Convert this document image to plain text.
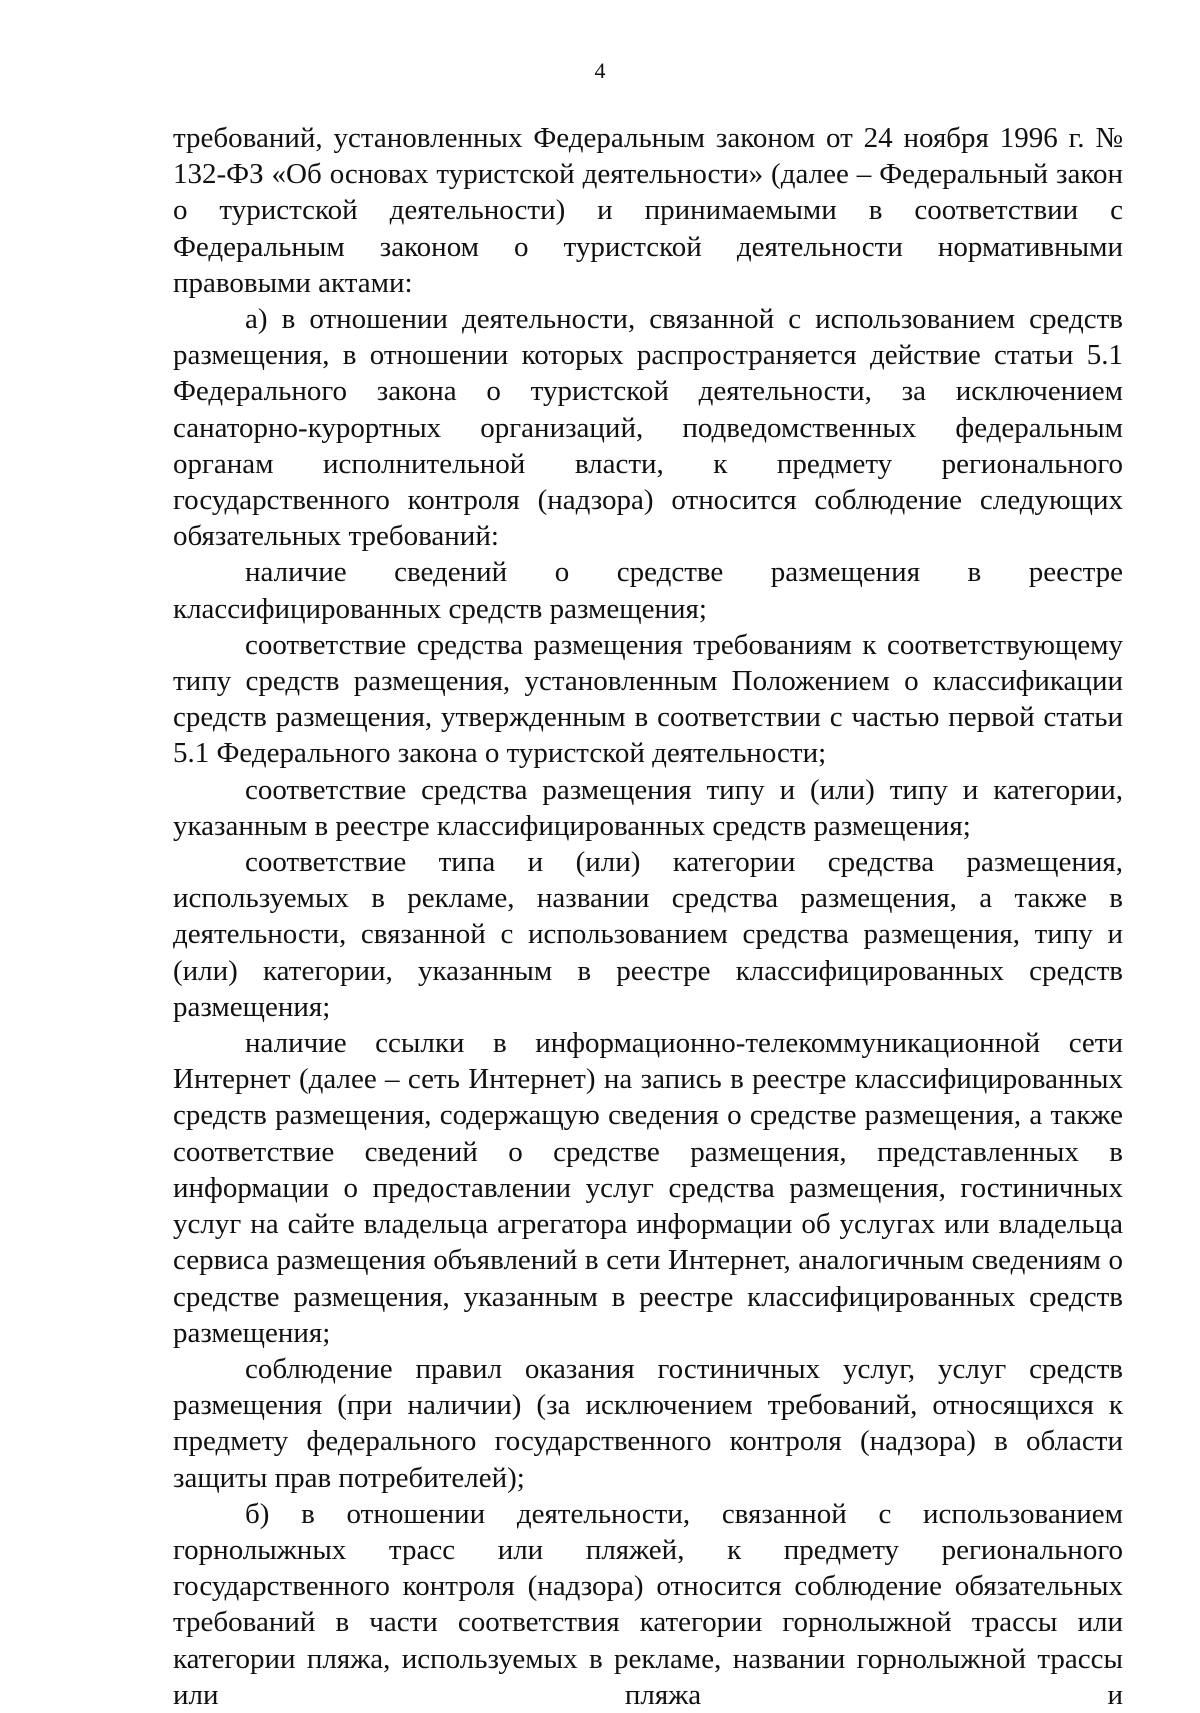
4

требований, установленных Федеральным законом от 24 ноября 1996 г. № 132-ФЗ «Об основах туристской деятельности» (далее – Федеральный закон о туристской деятельности) и принимаемыми в соответствии с Федеральным законом о туристской деятельности нормативными правовыми актами:

а) в отношении деятельности, связанной с использованием средств размещения, в отношении которых распространяется действие статьи 5.1 Федерального закона о туристской деятельности, за исключением санаторно-курортных организаций, подведомственных федеральным органам исполнительной власти, к предмету регионального государственного контроля (надзора) относится соблюдение следующих обязательных требований:

наличие сведений о средстве размещения в реестре классифицированных средств размещения;

соответствие средства размещения требованиям к соответствующему типу средств размещения, установленным Положением о классификации средств размещения, утвержденным в соответствии с частью первой статьи 5.1 Федерального закона о туристской деятельности;

соответствие средства размещения типу и (или) типу и категории, указанным в реестре классифицированных средств размещения;

соответствие типа и (или) категории средства размещения, используемых в рекламе, названии средства размещения, а также в деятельности, связанной с использованием средства размещения, типу и (или) категории, указанным в реестре классифицированных средств размещения;

наличие ссылки в информационно-телекоммуникационной сети Интернет (далее – сеть Интернет) на запись в реестре классифицированных средств размещения, содержащую сведения о средстве размещения, а также соответствие сведений о средстве размещения, представленных в информации о предоставлении услуг средства размещения, гостиничных услуг на сайте владельца агрегатора информации об услугах или владельца сервиса размещения объявлений в сети Интернет, аналогичным сведениям о средстве размещения, указанным в реестре классифицированных средств размещения;

соблюдение правил оказания гостиничных услуг, услуг средств размещения (при наличии) (за исключением требований, относящихся к предмету федерального государственного контроля (надзора) в области защиты прав потребителей);

б) в отношении деятельности, связанной с использованием горнолыжных трасс или пляжей, к предмету регионального государственного контроля (надзора) относится соблюдение обязательных требований в части соответствия категории горнолыжной трассы или категории пляжа, используемых в рекламе, названии горнолыжной трассы или пляжа и
